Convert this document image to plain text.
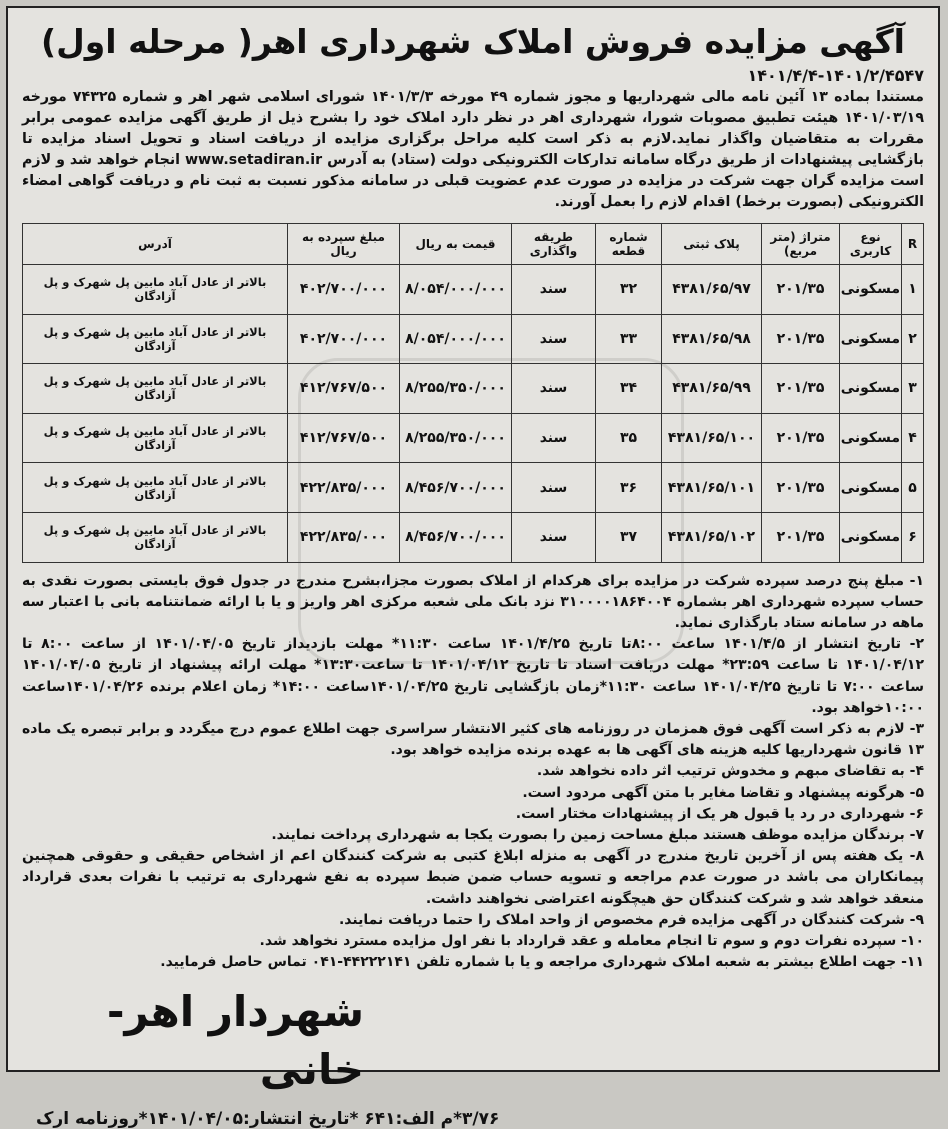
آگهی مزایده فروش املاک شهرداری اهر( مرحله اول)
۱۴۰۱/۴/۴-۱۴۰۱/۲/۴۵۴۷

مستندا بماده ۱۳ آئین نامه مالی شهرداریها و مجوز شماره ۴۹ مورخه ۱۴۰۱/۳/۳ شورای اسلامی شهر اهر و شماره ۷۴۳۲۵ مورخه ۱۴۰۱/۰۳/۱۹ هیئت تطبیق مصوبات شورا، شهرداری اهر در نظر دارد املاک خود را بشرح ذیل از طریق آگهی مزایده عمومی برابر مقررات به متقاضیان واگذار نماید.لازم به ذکر است کلیه مراحل برگزاری مزایده از دریافت اسناد و تحویل اسناد مزایده تا بازگشایی پیشنهادات از طریق درگاه سامانه تدارکات الکترونیکی دولت (ستاد) به آدرس www.setadiran.ir انجام خواهد شد و لازم است مزایده گران جهت شرکت در مزایده در صورت عدم عضویت قبلی در سامانه مذکور نسبت به ثبت نام و دریافت گواهی امضاء الکترونیکی (بصورت برخط) اقدام لازم را بعمل آورند.

R	نوع کاربری	متراژ (متر مربع)	پلاک ثبتی	شماره قطعه	طریقه واگذاری	قیمت به ریال	مبلغ سپرده به ریال	آدرس
۱	مسکونی	۲۰۱/۳۵	۴۳۸۱/۶۵/۹۷	۳۲	سند	۸/۰۵۴/۰۰۰/۰۰۰	۴۰۲/۷۰۰/۰۰۰	بالاتر از عادل آباد مابین پل شهرک و پل آزادگان
۲	مسکونی	۲۰۱/۳۵	۴۳۸۱/۶۵/۹۸	۳۳	سند	۸/۰۵۴/۰۰۰/۰۰۰	۴۰۲/۷۰۰/۰۰۰	بالاتر از عادل آباد مابین پل شهرک و پل آزادگان
۳	مسکونی	۲۰۱/۳۵	۴۳۸۱/۶۵/۹۹	۳۴	سند	۸/۲۵۵/۳۵۰/۰۰۰	۴۱۲/۷۶۷/۵۰۰	بالاتر از عادل آباد مابین پل شهرک و پل آزادگان
۴	مسکونی	۲۰۱/۳۵	۴۳۸۱/۶۵/۱۰۰	۳۵	سند	۸/۲۵۵/۳۵۰/۰۰۰	۴۱۲/۷۶۷/۵۰۰	بالاتر از عادل آباد مابین پل شهرک و پل آزادگان
۵	مسکونی	۲۰۱/۳۵	۴۳۸۱/۶۵/۱۰۱	۳۶	سند	۸/۴۵۶/۷۰۰/۰۰۰	۴۲۲/۸۳۵/۰۰۰	بالاتر از عادل آباد مابین پل شهرک و پل آزادگان
۶	مسکونی	۲۰۱/۳۵	۴۳۸۱/۶۵/۱۰۲	۳۷	سند	۸/۴۵۶/۷۰۰/۰۰۰	۴۲۲/۸۳۵/۰۰۰	بالاتر از عادل آباد مابین پل شهرک و پل آزادگان

۱- مبلغ پنج درصد سپرده شرکت در مزایده برای هرکدام از املاک بصورت مجزا،بشرح مندرج در جدول فوق بایستی بصورت نقدی به حساب سپرده شهرداری اهر بشماره ۳۱۰۰۰۰۱۸۶۴۰۰۴ نزد بانک ملی شعبه مرکزی اهر واریز و یا با ارائه ضمانتنامه بانی با اعتبار سه ماهه در سامانه ستاد بارگذاری نماید.

۲- تاریخ انتشار از ۱۴۰۱/۴/۵ ساعت ۸:۰۰تا تاریخ ۱۴۰۱/۴/۲۵ ساعت ۱۱:۳۰* مهلت بازدیداز تاریخ ۱۴۰۱/۰۴/۰۵ از ساعت ۸:۰۰ تا ۱۴۰۱/۰۴/۱۲ تا ساعت ۲۳:۵۹* مهلت دریافت اسناد تا تاریخ ۱۴۰۱/۰۴/۱۲ تا ساعت۱۳:۳۰* مهلت ارائه پیشنهاد از تاریخ ۱۴۰۱/۰۴/۰۵ ساعت ۷:۰۰ تا تاریخ ۱۴۰۱/۰۴/۲۵ ساعت ۱۱:۳۰*زمان بازگشایی تاریخ ۱۴۰۱/۰۴/۲۵ساعت ۱۴:۰۰* زمان اعلام برنده ۱۴۰۱/۰۴/۲۶ساعت ۱۰:۰۰خواهد بود.

۳- لازم به ذکر است آگهی فوق همزمان در روزنامه های کثیر الانتشار سراسری جهت اطلاع عموم درج میگردد و برابر تبصره یک ماده ۱۳ قانون شهرداریها کلیه هزینه های آگهی ها به عهده برنده مزایده خواهد بود.

۴- به تقاضای مبهم و مخدوش ترتیب اثر داده نخواهد شد.

۵- هرگونه پیشنهاد و تقاضا مغایر با متن آگهی مردود است.

۶- شهرداری در رد یا قبول هر یک از پیشنهادات مختار است.

۷- برندگان مزایده موظف هستند مبلغ مساحت زمین را بصورت یکجا به شهرداری پرداخت نمایند.

۸- یک هفته پس از آخرین تاریخ مندرج در آگهی به منزله ابلاغ کتبی به شرکت کنندگان اعم از اشخاص حقیقی و حقوقی همچنین پیمانکاران می باشد در صورت عدم مراجعه و تسویه حساب ضمن ضبط سپرده به نفع شهرداری به ترتیب با نفرات بعدی قرارداد منعقد خواهد شد و شرکت کنندگان حق هیچگونه اعتراضی نخواهند داشت.

۹- شرکت کنندگان در آگهی مزایده فرم مخصوص از واحد املاک را حتما دریافت نمایند.

۱۰- سپرده نفرات دوم و سوم تا انجام معامله و عقد قرارداد با نفر اول مزایده مسترد نخواهد شد.

۱۱- جهت اطلاع بیشتر به شعبه املاک شهرداری مراجعه و یا با شماره تلفن ۴۴۲۲۲۱۴۱-۰۴۱ تماس حاصل فرمایید.

شهردار اهر- خانی
۳/۷۶*م الف:۶۴۱ *تاریخ انتشار:۱۴۰۱/۰۴/۰۵*روزنامه ارک
